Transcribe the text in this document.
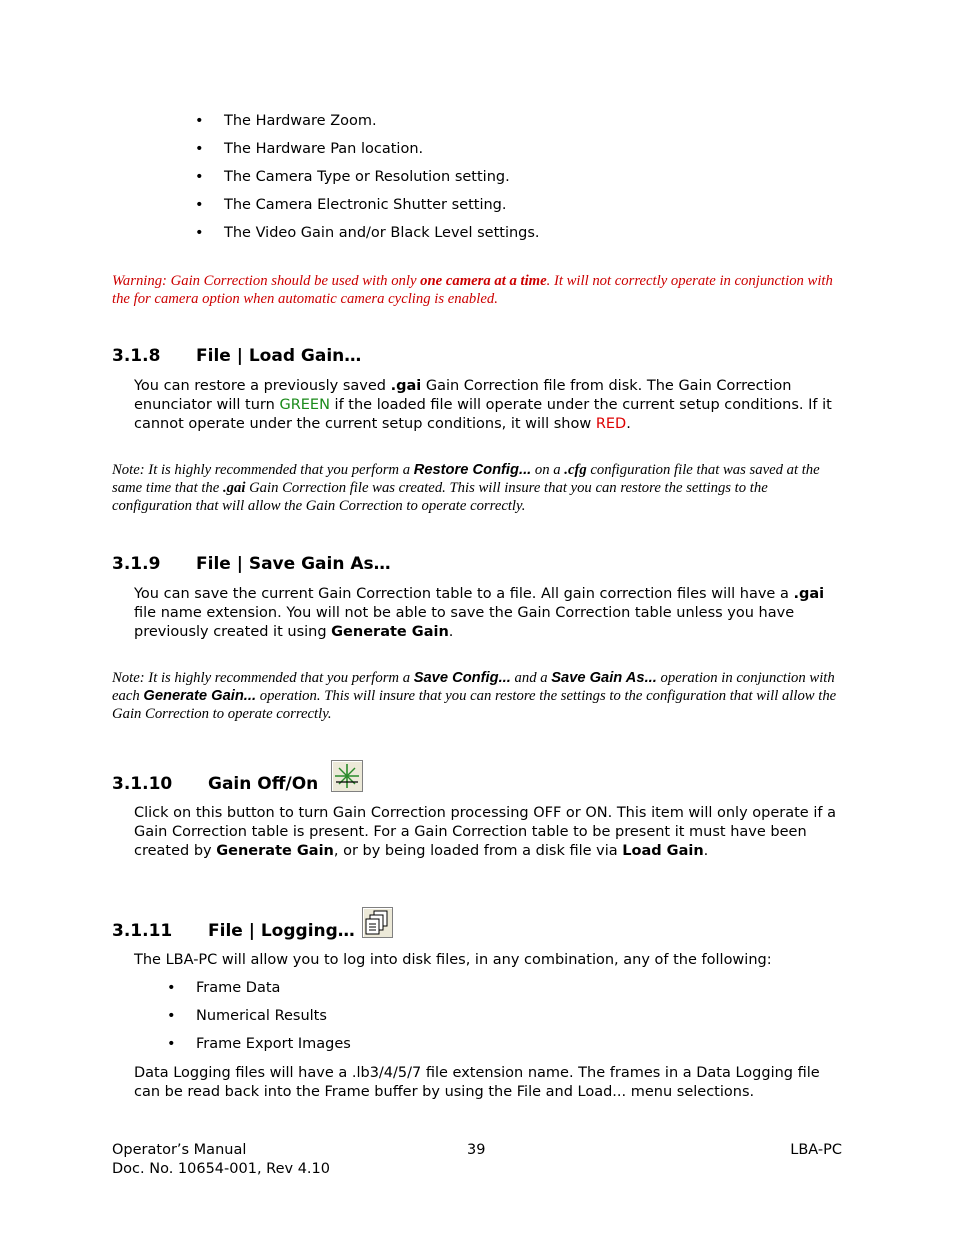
• The Hardware Zoom.
• The Hardware Pan location.
• The Camera Type or Resolution setting.
• The Camera Electronic Shutter setting.
• The Video Gain and/or Black Level settings.
Warning: Gain Correction should be used with only one camera at a time. It will not correctly operate in conjunction with the for camera option when automatic camera cycling is enabled.
3.1.8 File | Load Gain…
You can restore a previously saved .gai Gain Correction file from disk. The Gain Correction enunciator will turn GREEN if the loaded file will operate under the current setup conditions. If it cannot operate under the current setup conditions, it will show RED.
Note: It is highly recommended that you perform a Restore Config... on a .cfg configuration file that was saved at the same time that the .gai Gain Correction file was created. This will insure that you can restore the settings to the configuration that will allow the Gain Correction to operate correctly.
3.1.9 File | Save Gain As…
You can save the current Gain Correction table to a file. All gain correction files will have a .gai file name extension. You will not be able to save the Gain Correction table unless you have previously created it using Generate Gain.
Note: It is highly recommended that you perform a Save Config... and a Save Gain As... operation in conjunction with each Generate Gain... operation. This will insure that you can restore the settings to the configuration that will allow the Gain Correction to operate correctly.
3.1.10 Gain Off/On
Click on this button to turn Gain Correction processing OFF or ON. This item will only operate if a Gain Correction table is present. For a Gain Correction table to be present it must have been created by Generate Gain, or by being loaded from a disk file via Load Gain.
3.1.11 File | Logging…
The LBA-PC will allow you to log into disk files, in any combination, any of the following:
• Frame Data
• Numerical Results
• Frame Export Images
Data Logging files will have a .lb3/4/5/7 file extension name. The frames in a Data Logging file can be read back into the Frame buffer by using the File and Load... menu selections.
Operator’s Manual
Doc. No. 10654-001, Rev 4.10
39	LBA-PC
